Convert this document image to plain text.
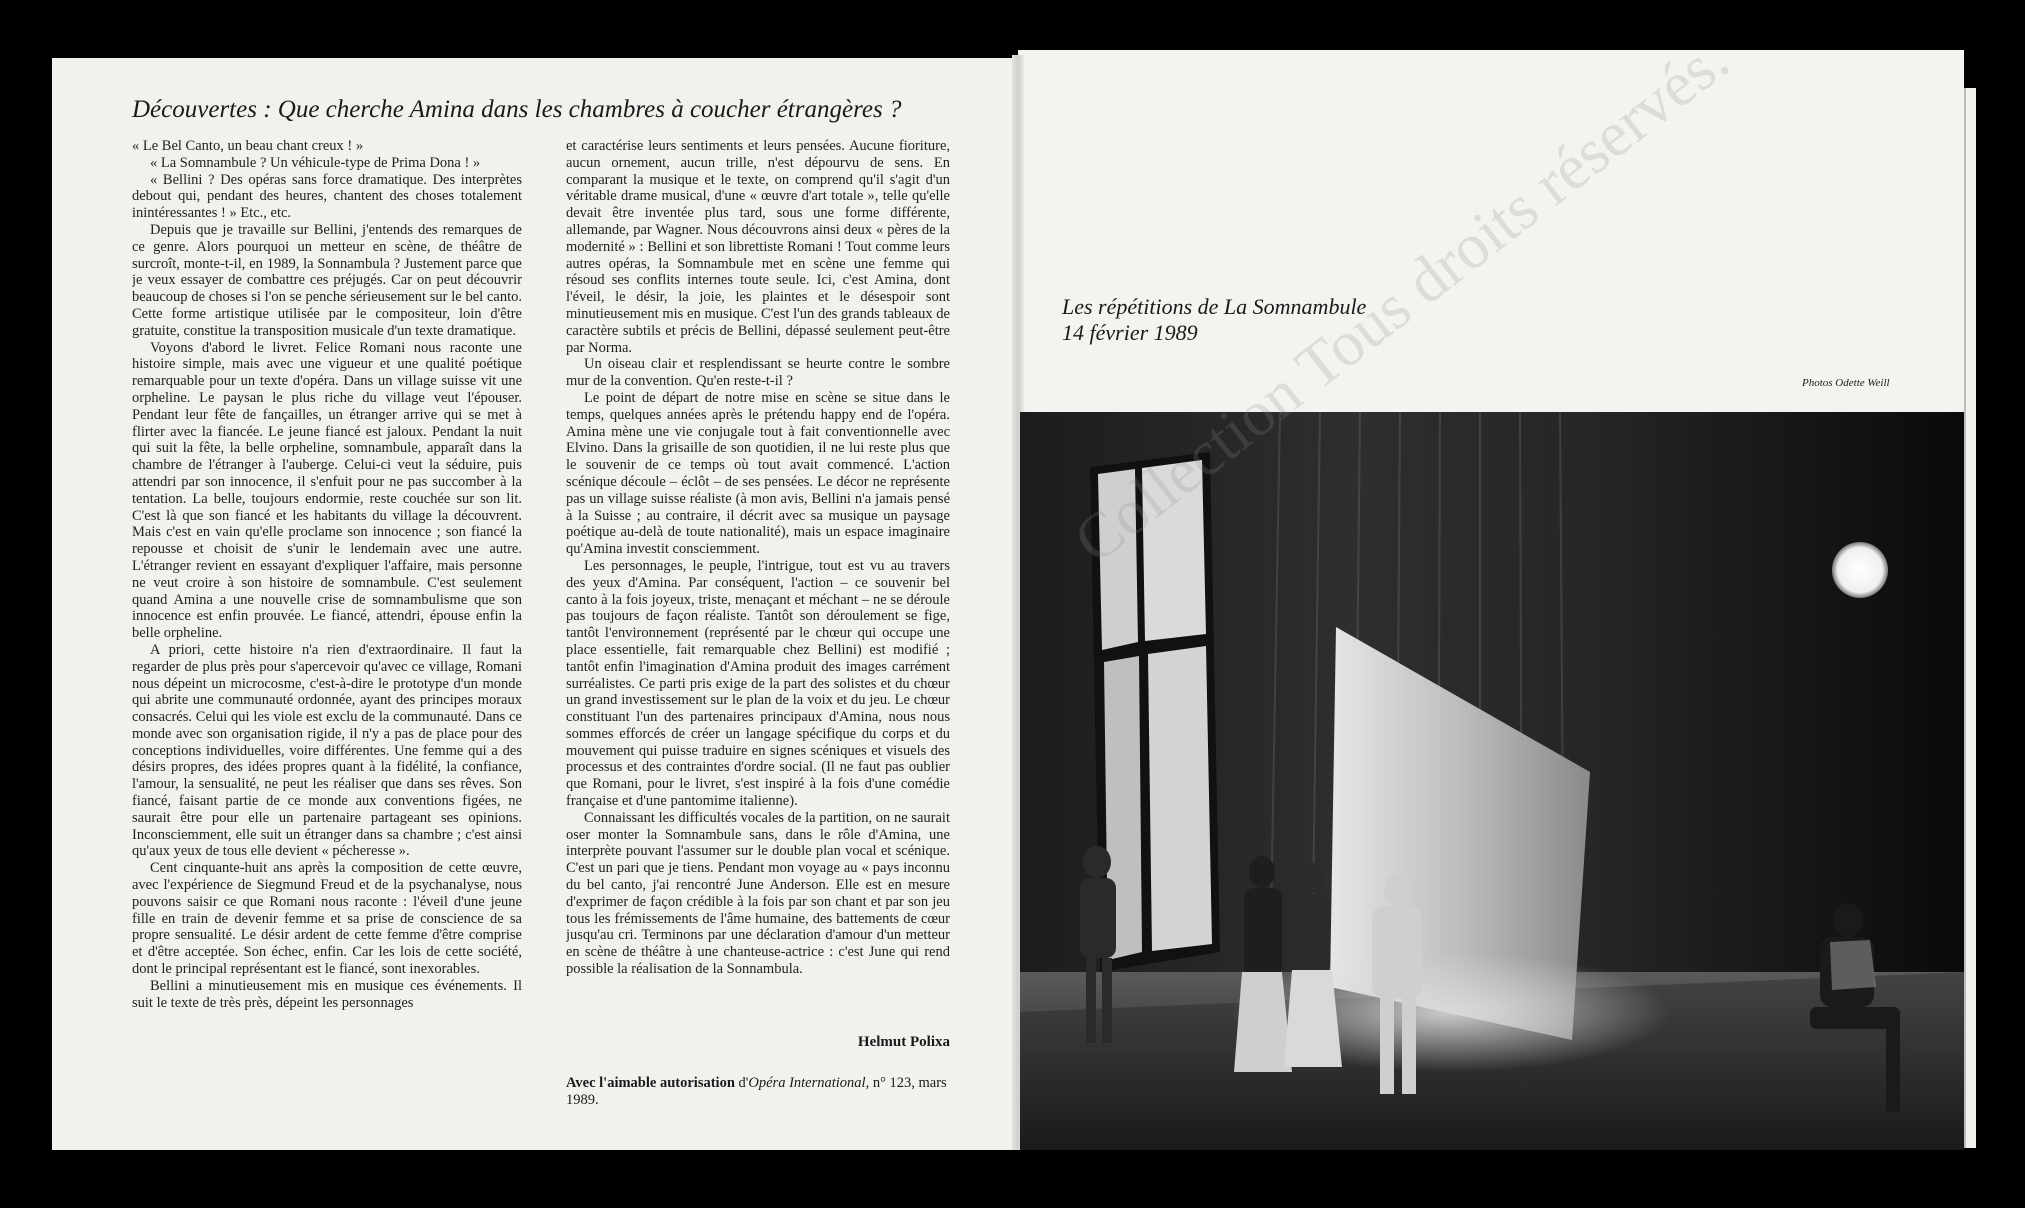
Découvertes : Que cherche Amina dans les chambres à coucher étrangères ?

« Le Bel Canto, un beau chant creux ! »

« La Somnambule ? Un véhicule-type de Prima Dona ! »

« Bellini ? Des opéras sans force dramatique. Des interprètes debout qui, pendant des heures, chantent des choses totalement inintéressantes ! » Etc., etc.

Depuis que je travaille sur Bellini, j'entends des remarques de ce genre. Alors pourquoi un metteur en scène, de théâtre de surcroît, monte-t-il, en 1989, la Sonnambula ? Justement parce que je veux essayer de combattre ces préjugés. Car on peut découvrir beaucoup de choses si l'on se penche sérieusement sur le bel canto. Cette forme artistique utilisée par le compositeur, loin d'être gratuite, constitue la transposition musicale d'un texte dramatique.

Voyons d'abord le livret. Felice Romani nous raconte une histoire simple, mais avec une vigueur et une qualité poétique remarquable pour un texte d'opéra. Dans un village suisse vit une orpheline. Le paysan le plus riche du village veut l'épouser. Pendant leur fête de fançailles, un étranger arrive qui se met à flirter avec la fiancée. Le jeune fiancé est jaloux. Pendant la nuit qui suit la fête, la belle orpheline, somnambule, apparaît dans la chambre de l'étranger à l'auberge. Celui-ci veut la séduire, puis attendri par son innocence, il s'enfuit pour ne pas succomber à la tentation. La belle, toujours endormie, reste couchée sur son lit. C'est là que son fiancé et les habitants du village la découvrent. Mais c'est en vain qu'elle proclame son innocence ; son fiancé la repousse et choisit de s'unir le lendemain avec une autre. L'étranger revient en essayant d'expliquer l'affaire, mais personne ne veut croire à son histoire de somnambule. C'est seulement quand Amina a une nouvelle crise de somnambulisme que son innocence est enfin prouvée. Le fiancé, attendri, épouse enfin la belle orpheline.

A priori, cette histoire n'a rien d'extraordinaire. Il faut la regarder de plus près pour s'apercevoir qu'avec ce village, Romani nous dépeint un microcosme, c'est-à-dire le prototype d'un monde qui abrite une communauté ordonnée, ayant des principes moraux consacrés. Celui qui les viole est exclu de la communauté. Dans ce monde avec son organisation rigide, il n'y a pas de place pour des conceptions individuelles, voire différentes. Une femme qui a des désirs propres, des idées propres quant à la fidélité, la confiance, l'amour, la sensualité, ne peut les réaliser que dans ses rêves. Son fiancé, faisant partie de ce monde aux conventions figées, ne saurait être pour elle un partenaire partageant ses opinions. Inconsciemment, elle suit un étranger dans sa chambre ; c'est ainsi qu'aux yeux de tous elle devient « pécheresse ».

Cent cinquante-huit ans après la composition de cette œuvre, avec l'expérience de Siegmund Freud et de la psychanalyse, nous pouvons saisir ce que Romani nous raconte : l'éveil d'une jeune fille en train de devenir femme et sa prise de conscience de sa propre sensualité. Le désir ardent de cette femme d'être comprise et d'être acceptée. Son échec, enfin. Car les lois de cette société, dont le principal représentant est le fiancé, sont inexorables.

Bellini a minutieusement mis en musique ces événements. Il suit le texte de très près, dépeint les personnages

et caractérise leurs sentiments et leurs pensées. Aucune fioriture, aucun ornement, aucun trille, n'est dépourvu de sens. En comparant la musique et le texte, on comprend qu'il s'agit d'un véritable drame musical, d'une « œuvre d'art totale », telle qu'elle devait être inventée plus tard, sous une forme différente, allemande, par Wagner. Nous découvrons ainsi deux « pères de la modernité » : Bellini et son librettiste Romani ! Tout comme leurs autres opéras, la Somnambule met en scène une femme qui résoud ses conflits internes toute seule. Ici, c'est Amina, dont l'éveil, le désir, la joie, les plaintes et le désespoir sont minutieusement mis en musique. C'est l'un des grands tableaux de caractère subtils et précis de Bellini, dépassé seulement peut-être par Norma.

Un oiseau clair et resplendissant se heurte contre le sombre mur de la convention. Qu'en reste-t-il ?

Le point de départ de notre mise en scène se situe dans le temps, quelques années après le prétendu happy end de l'opéra. Amina mène une vie conjugale tout à fait conventionnelle avec Elvino. Dans la grisaille de son quotidien, il ne lui reste plus que le souvenir de ce temps où tout avait commencé. L'action scénique découle – éclôt – de ses pensées. Le décor ne représente pas un village suisse réaliste (à mon avis, Bellini n'a jamais pensé à la Suisse ; au contraire, il décrit avec sa musique un paysage poétique au-delà de toute nationalité), mais un espace imaginaire qu'Amina investit consciemment.

Les personnages, le peuple, l'intrigue, tout est vu au travers des yeux d'Amina. Par conséquent, l'action – ce souvenir bel canto à la fois joyeux, triste, menaçant et méchant – ne se déroule pas toujours de façon réaliste. Tantôt son déroulement se fige, tantôt l'environnement (représenté par le chœur qui occupe une place essentielle, fait remarquable chez Bellini) est modifié ; tantôt enfin l'imagination d'Amina produit des images carrément surréalistes. Ce parti pris exige de la part des solistes et du chœur un grand investissement sur le plan de la voix et du jeu. Le chœur constituant l'un des partenaires principaux d'Amina, nous nous sommes efforcés de créer un langage spécifique du corps et du mouvement qui puisse traduire en signes scéniques et visuels des processus et des contraintes d'ordre social. (Il ne faut pas oublier que Romani, pour le livret, s'est inspiré à la fois d'une comédie française et d'une pantomime italienne).

Connaissant les difficultés vocales de la partition, on ne saurait oser monter la Somnambule sans, dans le rôle d'Amina, une interprète pouvant l'assumer sur le double plan vocal et scénique. C'est un pari que je tiens. Pendant mon voyage au « pays inconnu du bel canto, j'ai rencontré June Anderson. Elle est en mesure d'exprimer de façon crédible à la fois par son chant et par son jeu tous les frémissements de l'âme humaine, des battements de cœur jusqu'au cri. Terminons par une déclaration d'amour d'un metteur en scène de théâtre à une chanteuse-actrice : c'est June qui rend possible la réalisation de la Sonnambula.

Helmut Polixa
Avec l'aimable autorisation d'Opéra International, n° 123, mars 1989.
Les répétitions de La Somnambule
14 février 1989
Photos Odette Weill
Collection Tous droits réservés.
